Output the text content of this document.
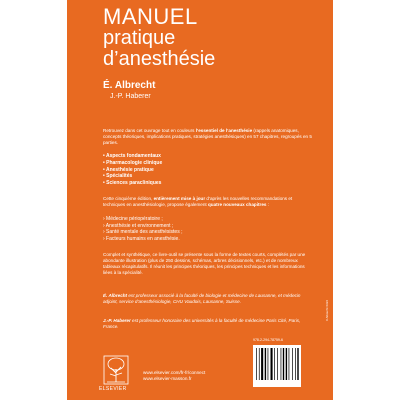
MANUEL
pratique
d’anesthésie
É. Albrecht
J.-P. Haberer
Retrouvez dans cet ouvrage tout en couleurs l’essentiel de l’anesthésie (rappels anatomiques, concepts théoriques, implications pratiques, stratégies anesthésiques) en 57 chapitres, regroupés en 5 parties.
• Aspects fondamentaux
• Pharmacologie clinique
• Anesthésie pratique
• Spécialités
• Sciences paracliniques
Cette cinquième édition, entièrement mise à jour d’après les nouvelles recommandations et techniques en anesthésiologie, propose également quatre nouveaux chapitres :
› Médecine périopératoire ;
› Anesthésie et environnement ;
› Santé mentale des anesthésistes ;
› Facteurs humains en anesthésie.
Complet et synthétique, ce livre-outil se présente sous la forme de textes courts, complétés par une abondante illustration (plus de 250 dessins, schémas, arbres décisionnels, etc.) et de nombreux tableaux récapitulatifs. Il réunit les principes théoriques, les principes techniques et les informations liées à la spécialité.
É. Albrecht est professeur associé à la faculté de biologie et médecine de Lausanne, et médecin adjoint, service d’anesthésiologie, CHU Vaudois, Lausanne, Suisse.
J.-P. Haberer est professeur honoraire des universités à la faculté de médecine Paris Cité, Paris, France.
ELSEVIER
www.elsevier.com/fr-fr/connect
www.elsevier-masson.fr
978-2-294-78759-6
0 Albrecht 6336
